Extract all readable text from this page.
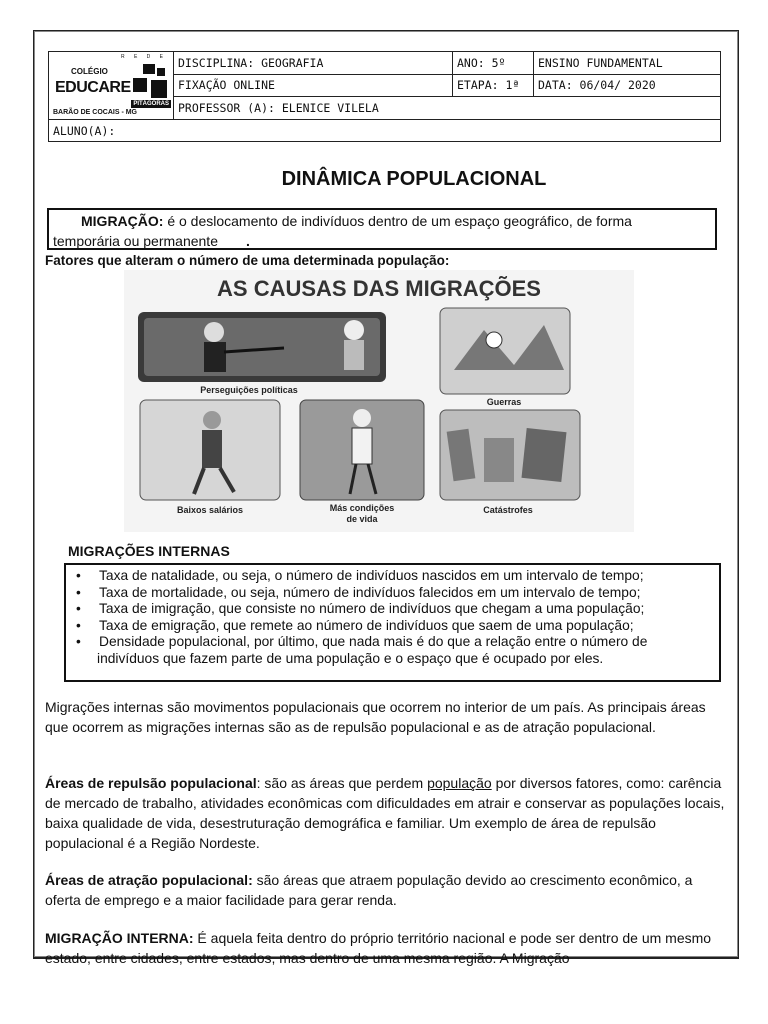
R E D E
COLÉGIO
EDUCARE
PITÁGORAS
BARÃO DE COCAIS - MG	DISCIPLINA: GEOGRAFIA	ANO: 5º	ENSINO FUNDAMENTAL
	FIXAÇÃO ONLINE	ETAPA: 1ª	DATA: 06/04/ 2020
	PROFESSOR (A): ELENICE VILELA		
ALUNO(A):			
DINÂMICA POPULACIONAL
MIGRAÇÃO: é o deslocamento de indivíduos dentro de um espaço geográfico, de forma
temporária ou permanente .
Fatores que alteram o número de uma determinada população:
AS CAUSAS DAS MIGRAÇÕES
Perseguições políticas
Guerras
Baixos salários	Más condições
de vida
Catástrofes
MIGRAÇÕES INTERNAS
• Taxa de natalidade, ou seja, o número de indivíduos nascidos em um intervalo de tempo;
• Taxa de mortalidade, ou seja, número de indivíduos falecidos em um intervalo de tempo;
• Taxa de imigração, que consiste no número de indivíduos que chegam a uma população;
• Taxa de emigração, que remete ao número de indivíduos que saem de uma população;
• Densidade populacional, por último, que nada mais é do que a relação entre o número de
indivíduos que fazem parte de uma população e o espaço que é ocupado por eles.
Migrações internas são movimentos populacionais que ocorrem no interior de um país. As principais áreas que ocorrem as migrações internas são as de repulsão populacional e as de atração populacional.
Áreas de repulsão populacional: são as áreas que perdem população por diversos fatores, como: carência de mercado de trabalho, atividades econômicas com dificuldades em atrair e conservar as populações locais, baixa qualidade de vida, desestruturação demográfica e familiar. Um exemplo de área de repulsão populacional é a Região Nordeste.
Áreas de atração populacional: são áreas que atraem população devido ao crescimento econômico, a oferta de emprego e a maior facilidade para gerar renda.
MIGRAÇÃO INTERNA: É aquela feita dentro do próprio território nacional e pode ser dentro de um mesmo estado, entre cidades, entre estados, mas dentro de uma mesma região. A Migração
